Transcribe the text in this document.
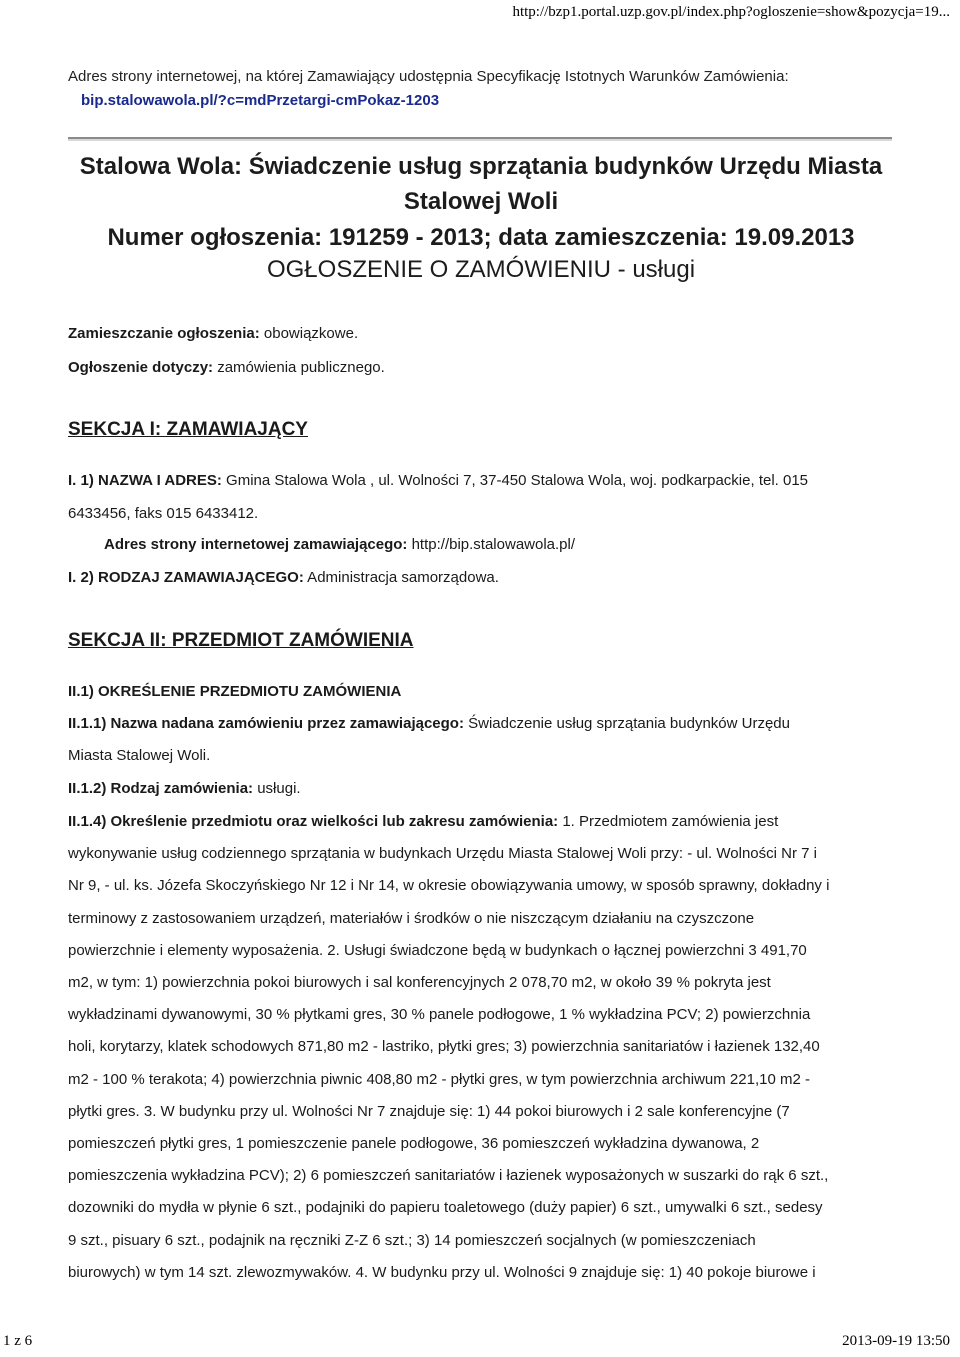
http://bzp1.portal.uzp.gov.pl/index.php?ogloszenie=show&pozycja=19...
Adres strony internetowej, na której Zamawiający udostępnia Specyfikację Istotnych Warunków Zamówienia:
bip.stalowawola.pl/?c=mdPrzetargi-cmPokaz-1203
Stalowa Wola: Świadczenie usług sprzątania budynków Urzędu Miasta
Stalowej Woli
Numer ogłoszenia: 191259 - 2013; data zamieszczenia: 19.09.2013
OGŁOSZENIE O ZAMÓWIENIU - usługi
Zamieszczanie ogłoszenia: obowiązkowe.
Ogłoszenie dotyczy: zamówienia publicznego.
SEKCJA I: ZAMAWIAJĄCY
I. 1) NAZWA I ADRES: Gmina Stalowa Wola , ul. Wolności 7, 37-450 Stalowa Wola, woj. podkarpackie, tel. 015
6433456, faks 015 6433412.
Adres strony internetowej zamawiającego: http://bip.stalowawola.pl/
I. 2) RODZAJ ZAMAWIAJĄCEGO: Administracja samorządowa.
SEKCJA II: PRZEDMIOT ZAMÓWIENIA
II.1) OKREŚLENIE PRZEDMIOTU ZAMÓWIENIA
II.1.1) Nazwa nadana zamówieniu przez zamawiającego: Świadczenie usług sprzątania budynków Urzędu
Miasta Stalowej Woli.
II.1.2) Rodzaj zamówienia: usługi.
II.1.4) Określenie przedmiotu oraz wielkości lub zakresu zamówienia: 1. Przedmiotem zamówienia jest
wykonywanie usług codziennego sprzątania w budynkach Urzędu Miasta Stalowej Woli przy: - ul. Wolności Nr 7 i
Nr 9, - ul. ks. Józefa Skoczyńskiego Nr 12 i Nr 14, w okresie obowiązywania umowy, w sposób sprawny, dokładny i
terminowy z zastosowaniem urządzeń, materiałów i środków o nie niszczącym działaniu na czyszczone
powierzchnie i elementy wyposażenia. 2. Usługi świadczone będą w budynkach o łącznej powierzchni 3 491,70
m2, w tym: 1) powierzchnia pokoi biurowych i sal konferencyjnych 2 078,70 m2, w około 39 % pokryta jest
wykładzinami dywanowymi, 30 % płytkami gres, 30 % panele podłogowe, 1 % wykładzina PCV; 2) powierzchnia
holi, korytarzy, klatek schodowych 871,80 m2 - lastriko, płytki gres; 3) powierzchnia sanitariatów i łazienek 132,40
m2 - 100 % terakota; 4) powierzchnia piwnic 408,80 m2 - płytki gres, w tym powierzchnia archiwum 221,10 m2 -
płytki gres. 3. W budynku przy ul. Wolności Nr 7 znajduje się: 1) 44 pokoi biurowych i 2 sale konferencyjne (7
pomieszczeń płytki gres, 1 pomieszczenie panele podłogowe, 36 pomieszczeń wykładzina dywanowa, 2
pomieszczenia wykładzina PCV); 2) 6 pomieszczeń sanitariatów i łazienek wyposażonych w suszarki do rąk 6 szt.,
dozowniki do mydła w płynie 6 szt., podajniki do papieru toaletowego (duży papier) 6 szt., umywalki 6 szt., sedesy
9 szt., pisuary 6 szt., podajnik na ręczniki Z-Z 6 szt.; 3) 14 pomieszczeń socjalnych (w pomieszczeniach
biurowych) w tym 14 szt. zlewozmywaków. 4. W budynku przy ul. Wolności 9 znajduje się: 1) 40 pokoje biurowe i
1 z 6	2013-09-19 13:50
